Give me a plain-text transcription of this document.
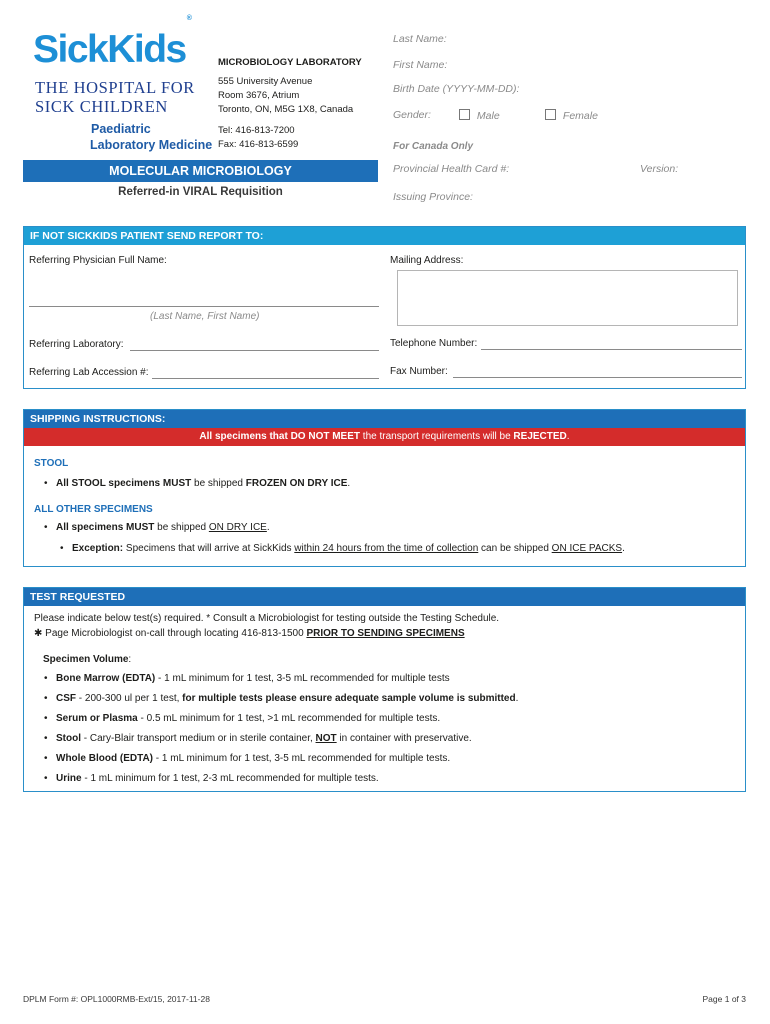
SickKids®
THE HOSPITAL FOR
SICK CHILDREN
Paediatric
Laboratory Medicine
MICROBIOLOGY LABORATORY
555 University Avenue
Room 3676, Atrium
Toronto, ON, M5G 1X8, Canada
Tel: 416-813-7200
Fax: 416-813-6599
MOLECULAR MICROBIOLOGY
Referred-in VIRAL Requisition
Last Name:
First Name:
Birth Date (YYYY-MM-DD):
Gender:	Male	Female
For Canada Only
Provincial Health Card #:	Version:
Issuing Province:
IF NOT SICKKIDS PATIENT SEND REPORT TO:
Referring Physician Full Name:
(Last Name, First Name)
Mailing Address:
Referring Laboratory:	Telephone Number:
Referring Lab Accession #:	Fax Number:
SHIPPING INSTRUCTIONS:
All specimens that DO NOT MEET the transport requirements will be REJECTED.
STOOL
• All STOOL specimens MUST be shipped FROZEN ON DRY ICE.
ALL OTHER SPECIMENS
• All specimens MUST be shipped ON DRY ICE.
• Exception: Specimens that will arrive at SickKids within 24 hours from the time of collection can be shipped ON ICE PACKS.
TEST REQUESTED
Please indicate below test(s) required. * Consult a Microbiologist for testing outside the Testing Schedule.
✱ Page Microbiologist on-call through locating 416-813-1500 PRIOR TO SENDING SPECIMENS
Specimen Volume:
• Bone Marrow (EDTA) - 1 mL minimum for 1 test, 3-5 mL recommended for multiple tests
• CSF - 200-300 ul per 1 test, for multiple tests please ensure adequate sample volume is submitted.
• Serum or Plasma - 0.5 mL minimum for 1 test, >1 mL recommended for multiple tests.
• Stool - Cary-Blair transport medium or in sterile container, NOT in container with preservative.
• Whole Blood (EDTA) - 1 mL minimum for 1 test, 3-5 mL recommended for multiple tests.
• Urine - 1 mL minimum for 1 test, 2-3 mL recommended for multiple tests.
DPLM Form #: OPL1000RMB-Ext/15, 2017-11-28	Page 1 of 3
